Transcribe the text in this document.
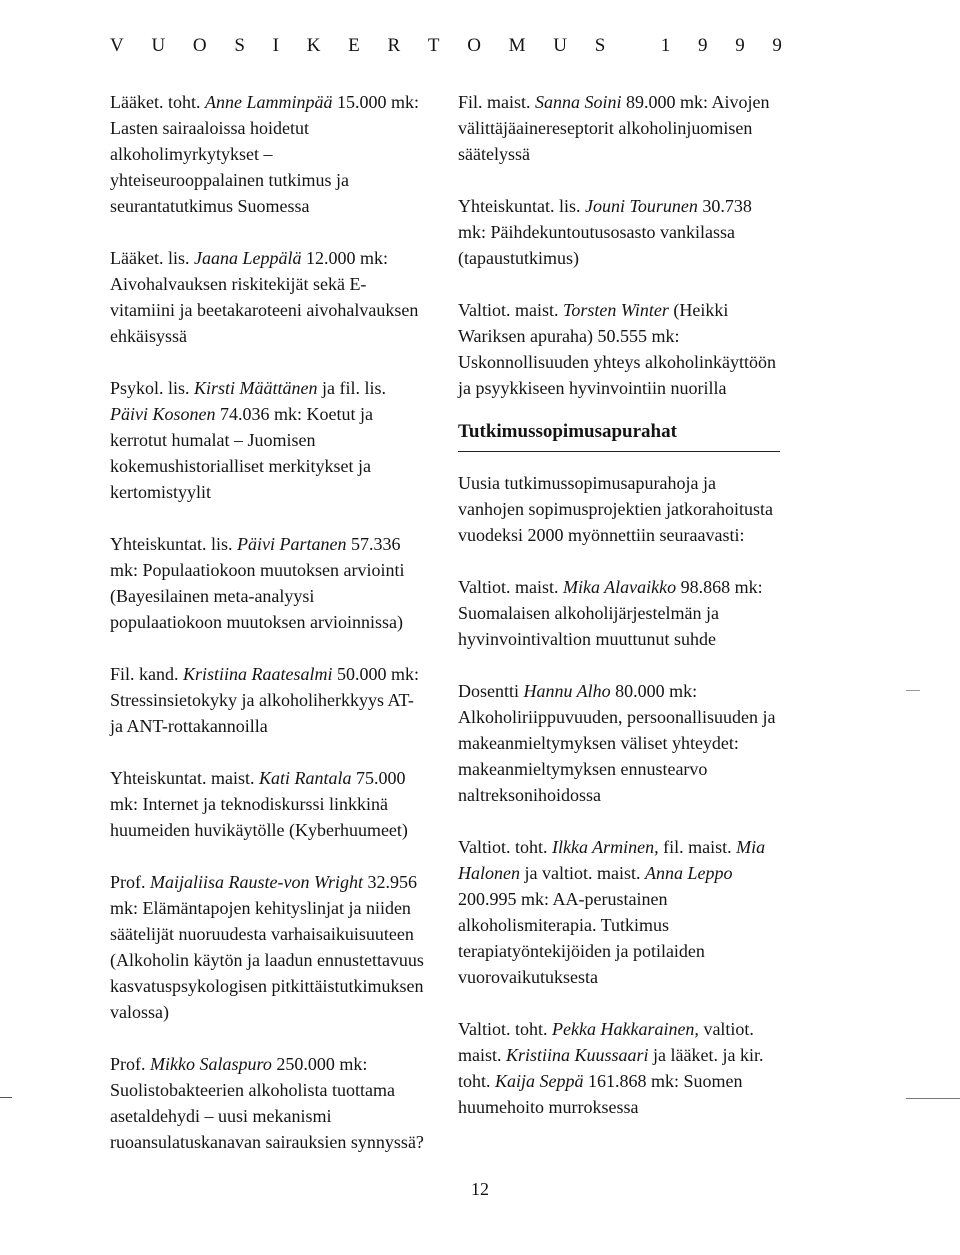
V U O S I K E R T O M U S	1 9 9 9

Lääket. toht. Anne Lamminpää 15.000 mk: Lasten sairaaloissa hoidetut alkoholimyrkytykset – yhteiseurooppalainen tutkimus ja seurantatutkimus Suomessa

Lääket. lis. Jaana Leppälä 12.000 mk: Aivohalvauksen riskitekijät sekä E-vitamiini ja beetakaroteeni aivohalvauksen ehkäisyssä

Psykol. lis. Kirsti Määttänen ja fil. lis. Päivi Kosonen 74.036 mk: Koetut ja kerrotut humalat – Juomisen kokemushistorialliset merkitykset ja kertomistyylit

Yhteiskuntat. lis. Päivi Partanen 57.336 mk: Populaatiokoon muutoksen arviointi (Bayesilainen meta-analyysi populaatiokoon muutoksen arvioinnissa)

Fil. kand. Kristiina Raatesalmi 50.000 mk: Stressinsietokyky ja alkoholiherkkyys AT- ja ANT-rottakannoilla

Yhteiskuntat. maist. Kati Rantala 75.000 mk: Internet ja teknodiskurssi linkkinä huumeiden huvikäytölle (Kyberhuumeet)

Prof. Maijaliisa Rauste-von Wright 32.956 mk: Elämäntapojen kehityslinjat ja niiden säätelijät nuoruudesta varhaisaikuisuuteen (Alkoholin käytön ja laadun ennustettavuus kasvatuspsykologisen pitkittäistutkimuksen valossa)

Prof. Mikko Salaspuro 250.000 mk: Suolistobakteerien alkoholista tuottama asetaldehydi – uusi mekanismi ruoansulatuskanavan sairauksien synnyssä?

Fil. maist. Sanna Soini 89.000 mk: Aivojen välittäjäainereseptorit alkoholinjuomisen säätelyssä

Yhteiskuntat. lis. Jouni Tourunen 30.738 mk: Päihdekuntoutusosasto vankilassa (tapaustutkimus)

Valtiot. maist. Torsten Winter (Heikki Wariksen apuraha) 50.555 mk: Uskonnollisuuden yhteys alkoholinkäyttöön ja psyykkiseen hyvinvointiin nuorilla

Tutkimussopimusapurahat

Uusia tutkimussopimusapurahoja ja vanhojen sopimusprojektien jatkorahoitusta vuodeksi 2000 myönnettiin seuraavasti:

Valtiot. maist. Mika Alavaikko 98.868 mk: Suomalaisen alkoholijärjestelmän ja hyvinvointivaltion muuttunut suhde

Dosentti Hannu Alho 80.000 mk: Alkoholiriippuvuuden, persoonallisuuden ja makeanmieltymyksen väliset yhteydet: makeanmieltymyksen ennustearvo naltreksonihoidossa

Valtiot. toht. Ilkka Arminen, fil. maist. Mia Halonen ja valtiot. maist. Anna Leppo 200.995 mk: AA-perustainen alkoholismiterapia. Tutkimus terapiatyöntekijöiden ja potilaiden vuorovaikutuksesta

Valtiot. toht. Pekka Hakkarainen, valtiot. maist. Kristiina Kuussaari ja lääket. ja kir. toht. Kaija Seppä 161.868 mk: Suomen huumehoito murroksessa

12
